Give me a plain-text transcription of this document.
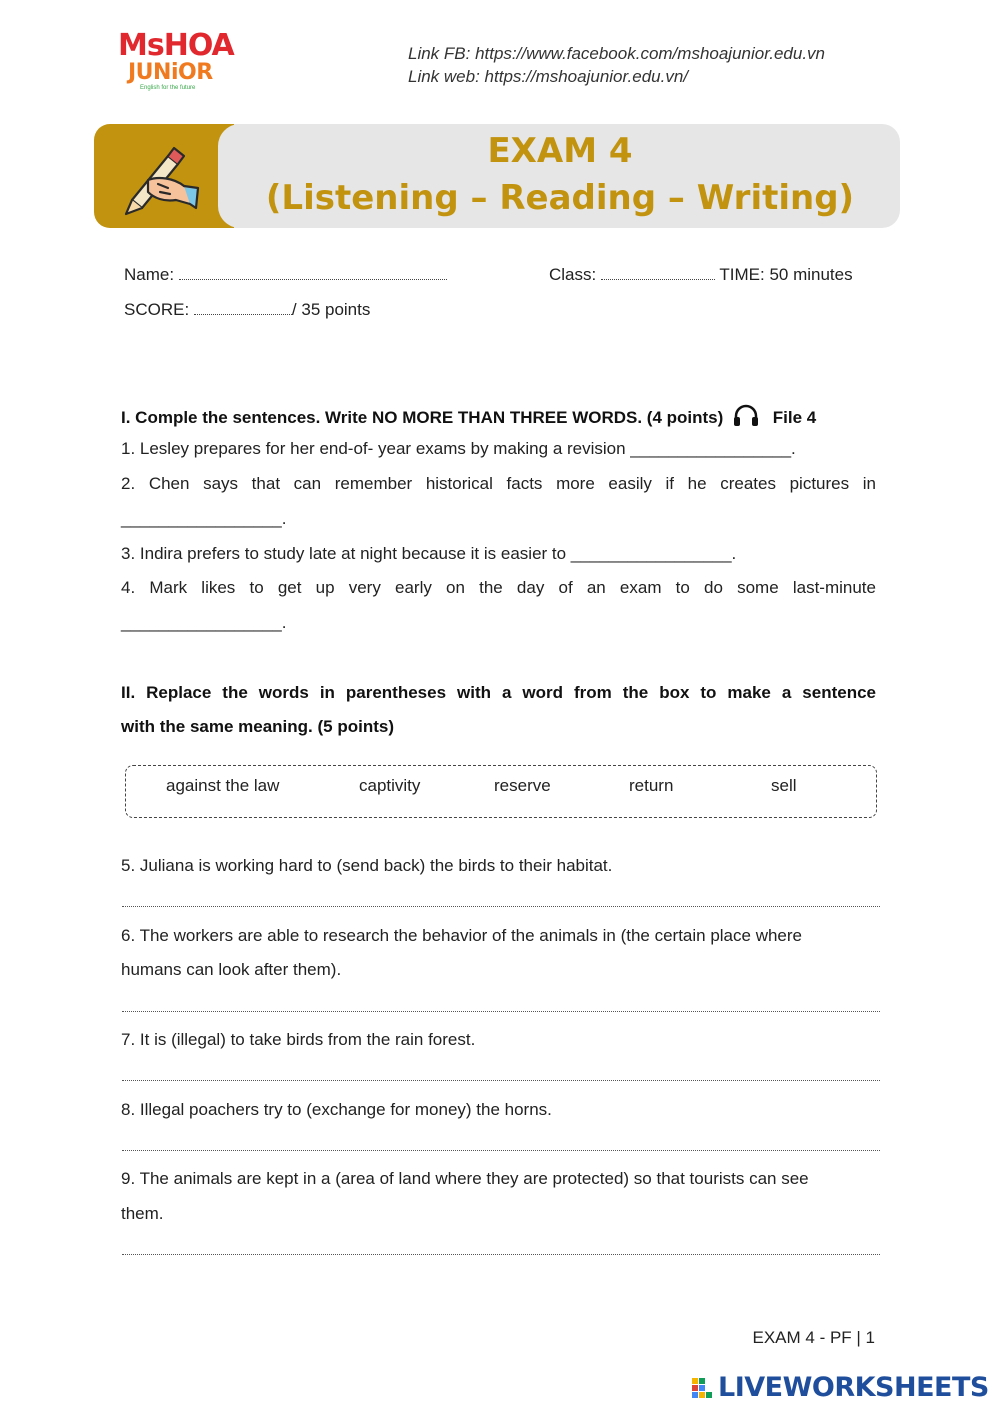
MsHOA
JUNiOR
English for the future
Link FB: https://www.facebook.com/mshoajunior.edu.vn
Link web: https://mshoajunior.edu.vn/
EXAM 4
(Listening – Reading – Writing)
Name:	Class:	TIME: 50 minutes
SCORE:	/ 35 points
I. Comple the sentences. Write NO MORE THAN THREE WORDS. (4 points)	File 4
1. Lesley prepares for her end-of- year exams by making a revision _________________.
2. Chen says that can remember historical facts more easily if he creates pictures in
_________________.
3. Indira prefers to study late at night because it is easier to _________________.
4. Mark likes to get up very early on the day of an exam to do some last-minute
_________________.
II. Replace the words in parentheses with a word from the box to make a sentence
with the same meaning. (5 points)
against the law	captivity	reserve	return	sell
5. Juliana is working hard to (send back) the birds to their habitat.
6. The workers are able to research the behavior of the animals in (the certain place where
humans can look after them).
7. It is (illegal) to take birds from the rain forest.
8. Illegal poachers try to (exchange for money) the horns.
9. The animals are kept in a (area of land where they are protected) so that tourists can see
them.
EXAM 4 - PF | 1
LIVEWORKSHEETS
